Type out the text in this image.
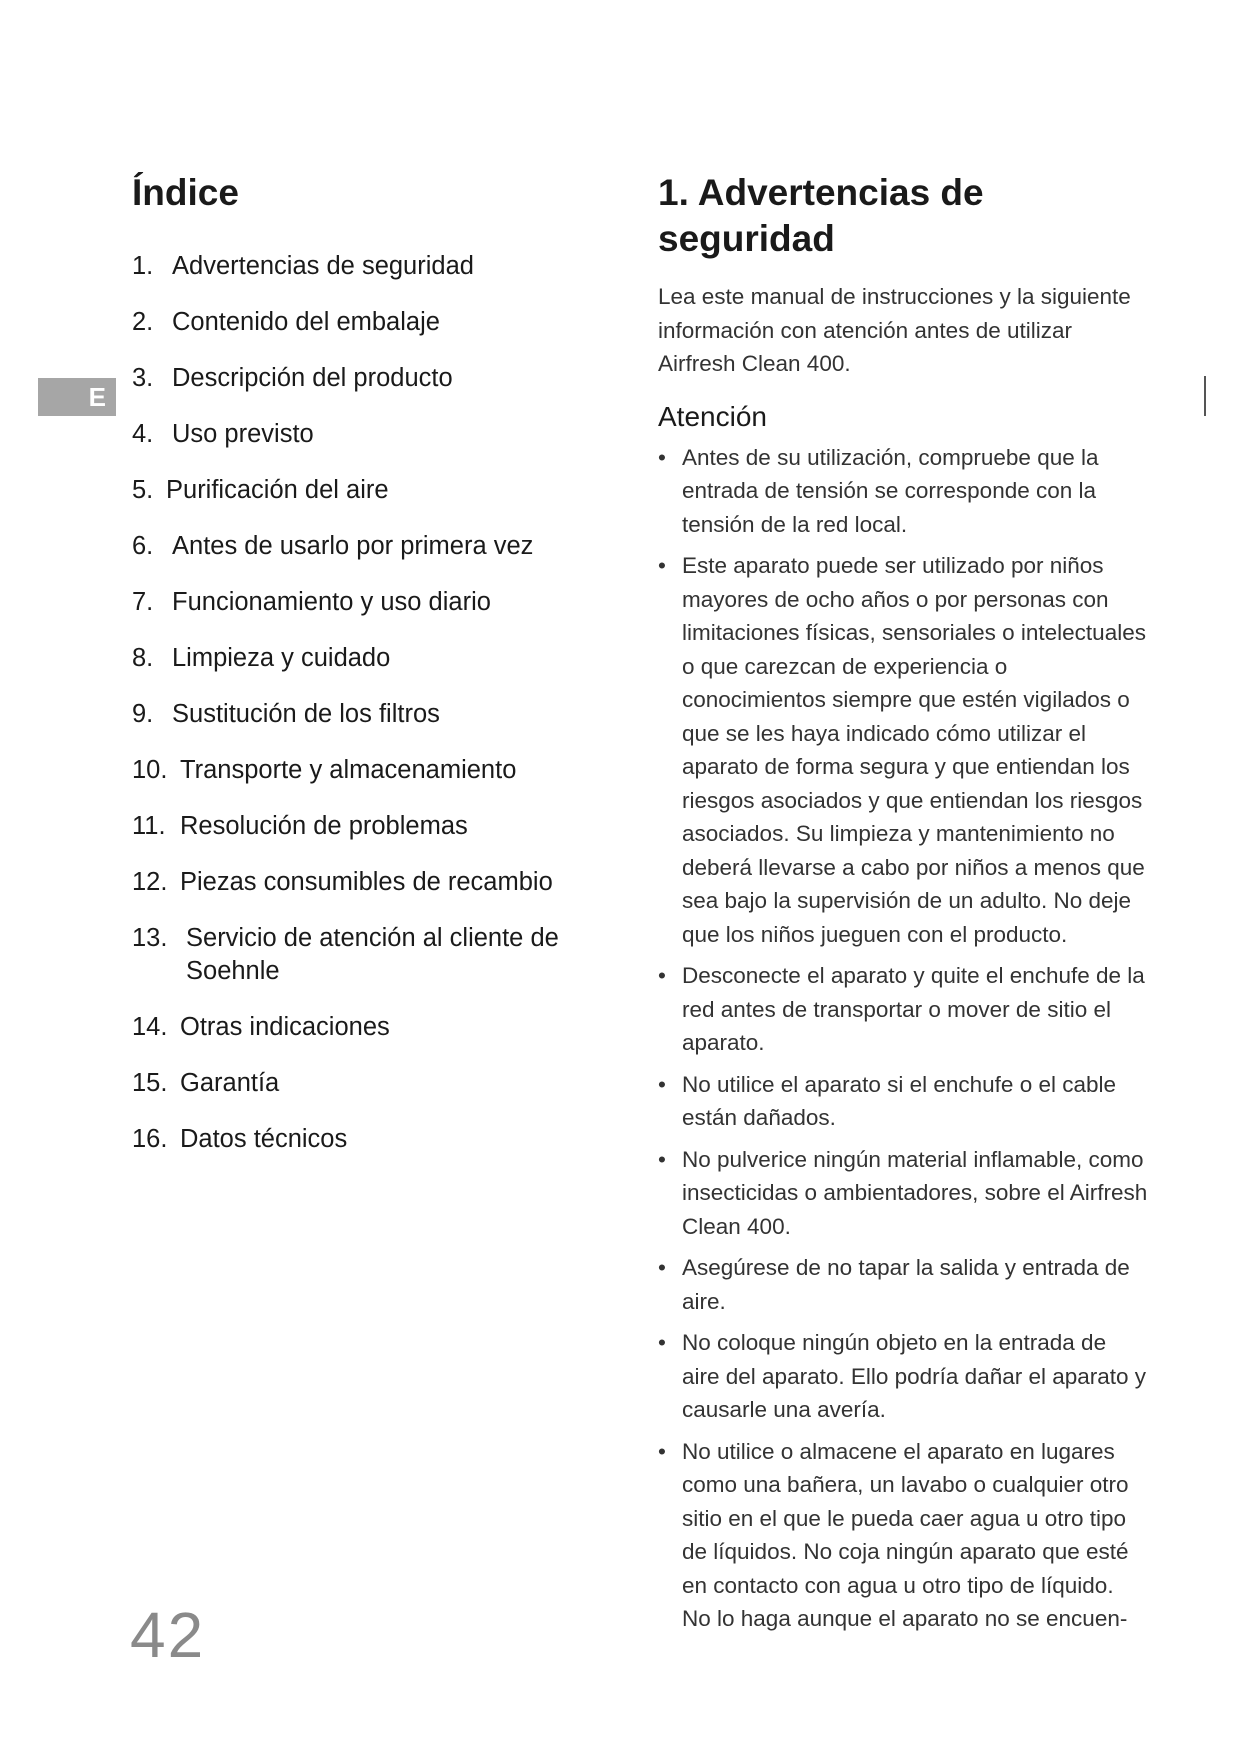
E
Índice
1. Advertencias de seguridad
2. Contenido del embalaje
3. Descripción del producto
4. Uso previsto
5. Purificación del aire
6. Antes de usarlo por primera vez
7. Funcionamiento y uso diario
8. Limpieza y cuidado
9. Sustitución de los filtros
10. Transporte y almacenamiento
11. Resolución de problemas
12. Piezas consumibles de recambio
13. Servicio de atención al cliente de Soehnle
14. Otras indicaciones
15. Garantía
16. Datos técnicos
1. Advertencias de seguridad

Lea este manual de instrucciones y la siguiente información con atención antes de utilizar Airfresh Clean 400.

Atención
• Antes de su utilización, compruebe que la entrada de tensión se corresponde con la tensión de la red local.
• Este aparato puede ser utilizado por niños mayores de ocho años o por personas con limitaciones físicas, sensoriales o intelectuales o que carezcan de experiencia o conocimientos siempre que estén vigilados o que se les haya indicado cómo utilizar el aparato de forma segura y que entiendan los riesgos asociados y que entiendan los riesgos asociados. Su limpieza y mantenimiento no deberá llevarse a cabo por niños a menos que sea bajo la supervisión de un adulto. No deje que los niños jueguen con el producto.
• Desconecte el aparato y quite el enchufe de la red antes de transportar o mover de sitio el aparato.
• No utilice el aparato si el enchufe o el cable están dañados.
• No pulverice ningún material inflamable, como insecticidas o ambientadores, sobre el Airfresh Clean 400.
• Asegúrese de no tapar la salida y entrada de aire.
• No coloque ningún objeto en la entrada de aire del aparato. Ello podría dañar el aparato y causarle una avería.
• No utilice o almacene el aparato en lugares como una bañera, un lavabo o cualquier otro sitio en el que le pueda caer agua u otro tipo de líquidos. No coja ningún aparato que esté en contacto con agua u otro tipo de líquido. No lo haga aunque el aparato no se encuen-
42
